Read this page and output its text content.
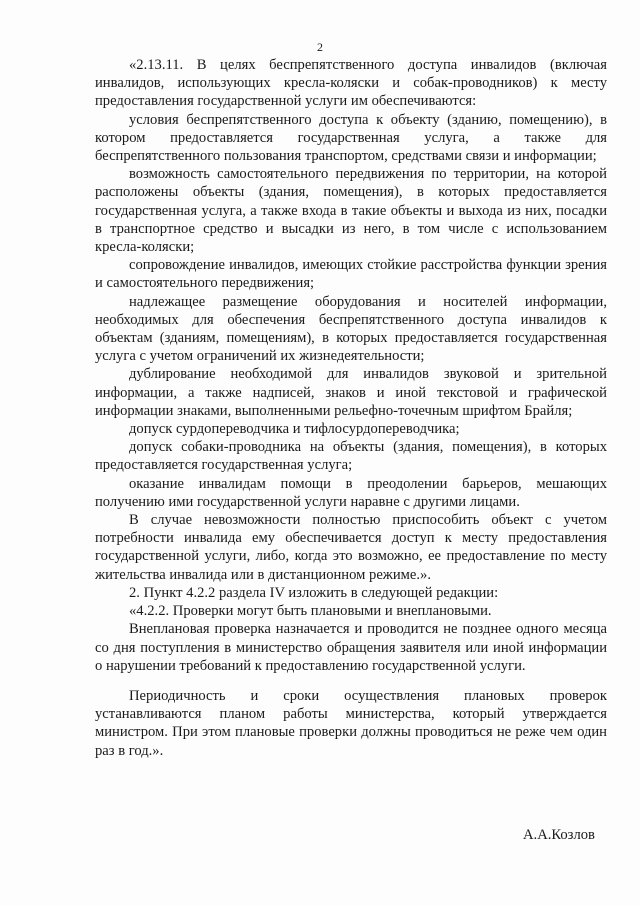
2

«2.13.11. В целях беспрепятственного доступа инвалидов (включая инвалидов, использующих кресла-коляски и собак-проводников) к месту предоставления государственной услуги им обеспечиваются:

условия беспрепятственного доступа к объекту (зданию, помещению), в котором предоставляется государственная услуга, а также для беспрепятственного пользования транспортом, средствами связи и информации;

возможность самостоятельного передвижения по территории, на которой расположены объекты (здания, помещения), в которых предоставляется государственная услуга, а также входа в такие объекты и выхода из них, посадки в транспортное средство и высадки из него, в том числе с использованием кресла-коляски;

сопровождение инвалидов, имеющих стойкие расстройства функции зрения и самостоятельного передвижения;

надлежащее размещение оборудования и носителей информации, необходимых для обеспечения беспрепятственного доступа инвалидов к объектам (зданиям, помещениям), в которых предоставляется государственная услуга с учетом ограничений их жизнедеятельности;

дублирование необходимой для инвалидов звуковой и зрительной информации, а также надписей, знаков и иной текстовой и графической информации знаками, выполненными рельефно-точечным шрифтом Брайля;

допуск сурдопереводчика и тифлосурдопереводчика;

допуск собаки-проводника на объекты (здания, помещения), в которых предоставляется государственная услуга;

оказание инвалидам помощи в преодолении барьеров, мешающих получению ими государственной услуги наравне с другими лицами.

В случае невозможности полностью приспособить объект с учетом потребности инвалида ему обеспечивается доступ к месту предоставления государственной услуги, либо, когда это возможно, ее предоставление по месту жительства инвалида или в дистанционном режиме.».

2. Пункт 4.2.2 раздела IV изложить в следующей редакции:

«4.2.2. Проверки могут быть плановыми и внеплановыми.

Внеплановая проверка назначается и проводится не позднее одного месяца со дня поступления в министерство обращения заявителя или иной информации о нарушении требований к предоставлению государственной услуги.

Периодичность и сроки осуществления плановых проверок устанавливаются планом работы министерства, который утверждается министром. При этом плановые проверки должны проводиться не реже чем один раз в год.».

А.А.Козлов
